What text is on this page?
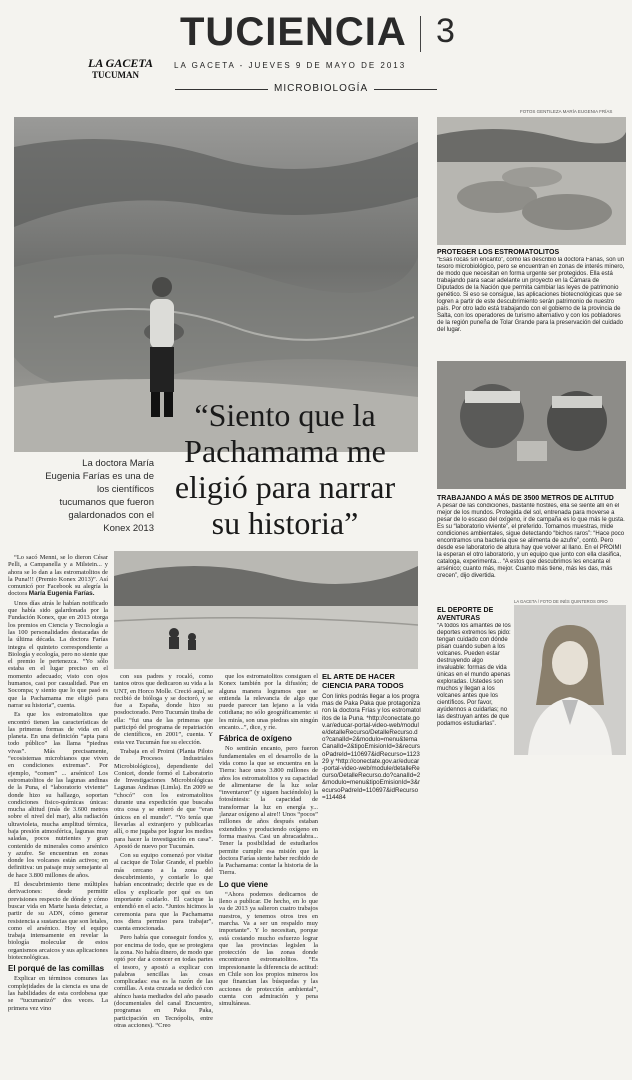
TUCIENCIA 3
LA GACETA
TUCUMAN
LA GACETA - JUEVES 9 DE MAYO DE 2013
MICROBIOLOGÍA
FOTOS GENTILEZA MARÍA EUGENIA FRÍAS
“Siento que la
Pachamama me
eligió para narrar
su historia”
La doctora María
Eugenia Farías es una de
los científicos
tucumanos que fueron
galardonados con el
Konex 2013

“Lo sacó Menni, se lo dieron César Pelli, a Campanella y a Milstein... y ahora se lo dan a las estromatolitos de la Puna!!! (Premio Konex 2013)”. Así comunicó por Facebook su alegría la doctora María Eugenia Farías.

Unos días atrás le habían notificado que había sido galardonada por la Fundación Konex, que en 2013 otorga los premios en Ciencia y Tecnología a las 100 personalidades destacadas de la última década. La doctora Farías integra el quinteto correspondiente a Biología y ecología, pero no siente que el premio le pertenezca. “Yo sólo estaba en el lugar preciso en el momento adecuado; visto con ojos humanos, casi por casualidad. Pue en Socompa; y siento que lo que pasó es que la Pachamama me eligió para narrar su historia”, cuenta.

Es que los estromatolitos que encontró tienen las características de las primeras formas de vida en el planeta. En una definición “apta para todo público” las llama “piedras vivas”. Más precisamente, “ecosistemas microbianos que viven en condiciones extremas”. Por ejemplo, “comen” ... arsénico! Los estromatolitos de las lagunas andinas de la Puna, el “laboratorio viviente” donde hizo su hallazgo, soportan condiciones fisico-químicas únicas: mucha altitud (más de 3.600 metros sobre el nivel del mar), alta radiación ultravioleta, mucha amplitud térmica, baja presión atmosférica, lagunas muy saladas, pocos nutrientes y gran contenido de minerales como arsénico y azufre. Se encuentran en zonas donde los volcanes están activos; en definitiva: un paisaje muy semejante al de hace 3.800 millones de años.

El descubrimiento tiene múltiples derivaciones: desde permitir previsiones respecto de dónde y cómo buscar vida en Marte hasta detectar, a partir de su ADN, cómo generar resistencia a sustancias que son letales, como el arsénico. Hoy el equipo trabaja intensamente en revelar la biología molecular de estos organismos arcaicos y sus aplicaciones biotecnológicas.

El porqué de las comillas

Explicar en términos comunes las complejidades de la ciencia es una de las habilidades de esta cordobesa que se “tucumanizó” dos veces. La primera vez vino

con sus padres y rocaló, como tantos otros que dedicaron su vida a la UNT, en Horco Molle. Creció aquí, se recibió de bióloga y se doctoró, y se fue a España, donde hizo su posdoctorado. Pero Tucumán tiraba de ella: “fui una de las primeras que participó del programa de repatriación de científicos, en 2001”, cuenta. Y esta vez Tucumán fue su elección.

Trabaja en el Proimi (Planta Piloto de Procesos Industriales Microbiológicos), dependiente del Conicet, donde formó el Laboratorio de Investigaciones Microbiológicas Lagunas Andinas (Limla). En 2009 se “chocó” con los estromatolitos durante una expedición que buscaba otra cosa y se enteró de que “eran únicos en el mundo”. “Yo tenía que llevarlas al extranjero y publicarlas allí, o me jugaba por lograr los medios para hacer la investigación en casa”. Apostó de nuevo por Tucumán.

Con su equipo comenzó por visitar al cacique de Tolar Grande, el pueblo más cercano a la zona del descubrimiento, y contarle lo que habían encontrado; decirle que es de ellos y explicarle por qué es tan importante cuidarlo. El cacique la entendió en el acto. “Juntos hicimos la ceremonia para que la Pachamama nos diera permiso para trabajar”, cuenta emocionada.

Pero había que conseguir fondos y, por encima de todo, que se protegiera la zona. No había dinero, de modo que optó por dar a conocer en todas partes el tesoro, y apostó a explicar con palabras sencillas las cosas complicadas: esa es la razón de las comillas. A esta cruzada se dedicó con ahínco hasta mediados del año pasado (documentales del canal Encuentro, programas en Paka Paka, participación en Tecnópolis, entre otras acciones). “Creo

que los estromatolitos consiguen el Konex también por la difusión; de alguna manera logramos que se entienda la relevancia de algo que puede parecer tan lejano a la vida cotidiana; no sólo geográficamente: si les mirás, son unas piedras sin ningún encanto...”, dice, y ríe.

Fábrica de oxígeno

No sentirán encanto, pero fueron fundamentales en el desarrollo de la vida como la que se encuentra en la Tierra: hace unos 3.800 millones de años los estromatolitos y su capacidad de alimentarse de la luz solar “inventaron” (y siguen haciéndolo) la fotosíntesis: la capacidad de transformar la luz en energía y... ¡lanzar oxígeno al aire!! Unos “pocos” millones de años después estaban extendidos y produciendo oxígeno en forma masiva. Casi un abracadabra... Tener la posibilidad de estudiarlos permite cumplir esa misión que la doctora Farías siente haber recibido de la Pachamama: contar la historia de la Tierra.

Lo que viene

“Ahora podemos dedicarnos de lleno a publicar. De hecho, en lo que va de 2013 ya salieron cuatro trabajos nuestros, y tenemos otros tres en marcha. Va a ser un respaldo muy importante”. Y lo necesitan, porque está costando mucho esfuerzo lograr que las provincias legislen la protección de las zonas donde encontraron estromatolitos. “Es impresionante la diferencia de actitud: en Chile son los propios mineros los que financian las búsquedas y las acciones de protección ambiental”, cuenta con admiración y pena simultáneas.

EL ARTE DE HACER CIENCIA PARA TODOS
Con links podrás llegar a los programas de Paka Paka que protagonizaron la doctora Frías y los estromatolitos de la Puna. *http://conectate.gov.ar/educar-portal-video-web/module/detalleRecurso/DetalleRecurso.do?canalId=2&modulo=menu&temaCanalId=2&tipoEmisionId=3&recursoPadreId=110697&idRecurso=112329 y *http://conectate.gov.ar/educar-portal-video-web/module/detalleRecurso/DetalleRecurso.do?canalId=2&modulo=menu&tipoEmisionId=3&recursoPadreId=110697&idRecurso=114484
PROTEGER LOS ESTROMATOLITOS
“Esas rocas sin encanto”, como las describió la doctora Farías, son un tesoro microbiológico, pero se encuentran en zonas de interés minero, de modo que necesitan en forma urgente ser protegidos. Ella está trabajando para sacar adelante un proyecto en la Cámara de Diputados de la Nación que permita cambiar las leyes de patrimonio genético. Si eso se consigue, las aplicaciones biotecnológicas que se logren a partir de este descubrimiento serán patrimonio de nuestro país. Por otro lado está trabajando con el gobierno de la provincia de Salta, con los operadores de turismo alternativo y con los pobladores de la región puneña de Tolar Grande para la preservación del cuidado del lugar.
TRABAJANDO A MÁS DE 3500 METROS DE ALTITUD
A pesar de las condiciones, bastante hostiles, ella se siente allí en el mejor de los mundos. Protegida del sol, entrenada para moverse a pesar de lo escaso del oxígeno, ir de campaña es lo que más le gusta. Es su “laboratorio viviente”, el preferido. Tomamos muestras, mide condiciones ambientales, sigue detectando “bichos raros”: “Hace poco encontramos una bacteria que se alimenta de azufre”, contó. Pero desde ese laboratorio de altura hay que volver al llano. En el PROIMI la esperan el otro laboratorio, y un equipo que junto con ella clasifica, cataloga, experimenta... “A estos que descubrimos les encanta el arsénico; cuanto más, mejor. Cuanto más tiene, más les das, más crecen”, dijo divertida.
EL DEPORTE DE AVENTURAS
“A todos los amantes de los deportes extremos les pido: tengan cuidado con dónde pisan cuando suben a los volcanes. Pueden estar destruyendo algo invaluable: formas de vida únicas en el mundo apenas exploradas. Ustedes son muchos y llegan a los volcanes antes que los científicos. Por favor, ayúdennos a cuidarlas; no las destruyan antes de que podamos estudiarlas”.
LA GACETA / FOTO DE INÉS QUINTEROS ORIO
